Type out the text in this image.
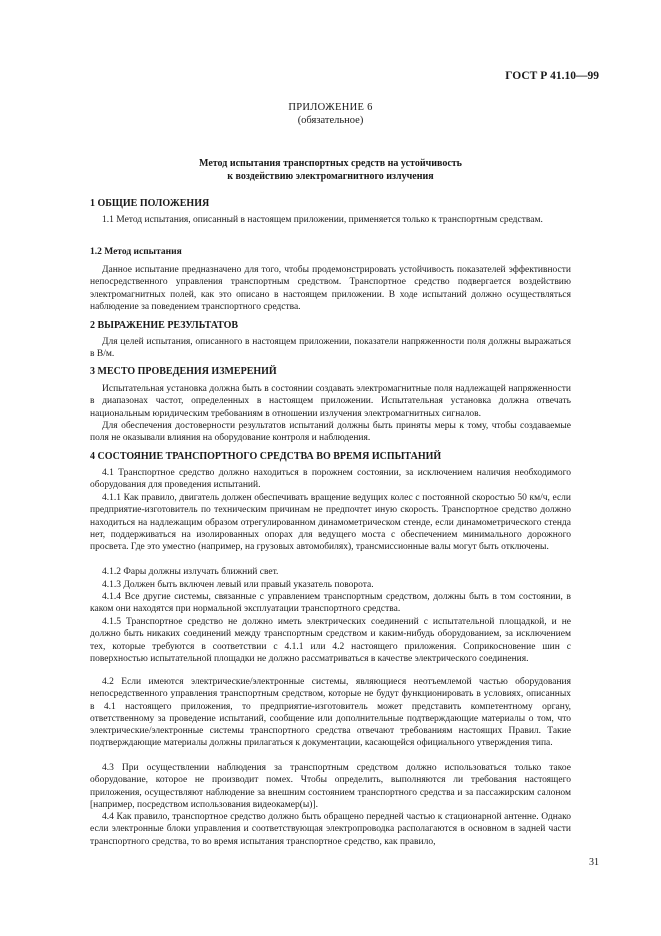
ГОСТ Р 41.10—99
ПРИЛОЖЕНИЕ 6
(обязательное)
Метод испытания транспортных средств на устойчивость
к воздействию электромагнитного излучения
1 ОБЩИЕ ПОЛОЖЕНИЯ
1.1 Метод испытания, описанный в настоящем приложении, применяется только к транспортным средствам.
1.2 Метод испытания
Данное испытание предназначено для того, чтобы продемонстрировать устойчивость показателей эффективности непосредственного управления транспортным средством. Транспортное средство подвергается воздействию электромагнитных полей, как это описано в настоящем приложении. В ходе испытаний должно осуществляться наблюдение за поведением транспортного средства.
2 ВЫРАЖЕНИЕ РЕЗУЛЬТАТОВ
Для целей испытания, описанного в настоящем приложении, показатели напряженности поля должны выражаться в В/м.
3 МЕСТО ПРОВЕДЕНИЯ ИЗМЕРЕНИЙ
Испытательная установка должна быть в состоянии создавать электромагнитные поля надлежащей напряженности в диапазонах частот, определенных в настоящем приложении. Испытательная установка должна отвечать национальным юридическим требованиям в отношении излучения электромагнитных сигналов.
Для обеспечения достоверности результатов испытаний должны быть приняты меры к тому, чтобы создаваемые поля не оказывали влияния на оборудование контроля и наблюдения.
4 СОСТОЯНИЕ ТРАНСПОРТНОГО СРЕДСТВА ВО ВРЕМЯ ИСПЫТАНИЙ
4.1 Транспортное средство должно находиться в порожнем состоянии, за исключением наличия необходимого оборудования для проведения испытаний.
4.1.1 Как правило, двигатель должен обеспечивать вращение ведущих колес с постоянной скоростью 50 км/ч, если предприятие-изготовитель по техническим причинам не предпочтет иную скорость. Транспортное средство должно находиться на надлежащим образом отрегулированном динамометрическом стенде, если динамометрического стенда нет, поддерживаться на изолированных опорах для ведущего моста с обеспечением минимального дорожного просвета. Где это уместно (например, на грузовых автомобилях), трансмиссионные валы могут быть отключены.
4.1.2 Фары должны излучать ближний свет.
4.1.3 Должен быть включен левый или правый указатель поворота.
4.1.4 Все другие системы, связанные с управлением транспортным средством, должны быть в том состоянии, в каком они находятся при нормальной эксплуатации транспортного средства.
4.1.5 Транспортное средство не должно иметь электрических соединений с испытательной площадкой, и не должно быть никаких соединений между транспортным средством и каким-нибудь оборудованием, за исключением тех, которые требуются в соответствии с 4.1.1 или 4.2 настоящего приложения. Соприкосновение шин с поверхностью испытательной площадки не должно рассматриваться в качестве электрического соединения.
4.2 Если имеются электрические/электронные системы, являющиеся неотъемлемой частью оборудования непосредственного управления транспортным средством, которые не будут функционировать в условиях, описанных в 4.1 настоящего приложения, то предприятие-изготовитель может представить компетентному органу, ответственному за проведение испытаний, сообщение или дополнительные подтверждающие материалы о том, что электрические/электронные системы транспортного средства отвечают требованиям настоящих Правил. Такие подтверждающие материалы должны прилагаться к документации, касающейся официального утверждения типа.
4.3 При осуществлении наблюдения за транспортным средством должно использоваться только такое оборудование, которое не производит помех. Чтобы определить, выполняются ли требования настоящего приложения, осуществляют наблюдение за внешним состоянием транспортного средства и за пассажирским салоном [например, посредством использования видеокамер(ы)].
4.4 Как правило, транспортное средство должно быть обращено передней частью к стационарной антенне. Однако если электронные блоки управления и соответствующая электропроводка располагаются в основном в задней части транспортного средства, то во время испытания транспортное средство, как правило,
31
